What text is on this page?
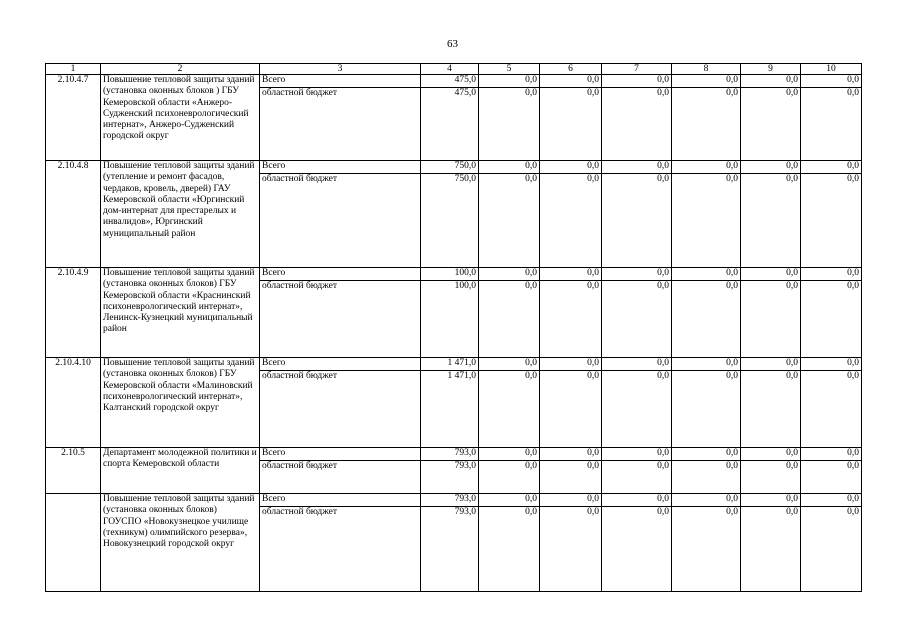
63
1	2	3	4	5	6	7	8	9	10
2.10.4.7	Повышение тепловой защиты зданий (установка оконных блоков ) ГБУ Кемеровской области «Анжеро-Судженский психоневрологический интернат», Анжеро-Судженский городской округ	Всего	475,0	0,0	0,0	0,0	0,0	0,0	0,0
		областной бюджет	475,0	0,0	0,0	0,0	0,0	0,0	0,0
2.10.4.8	Повышение тепловой защиты зданий (утепление и ремонт фасадов, чердаков, кровель, дверей) ГАУ Кемеровской области «Юргинский дом-интернат для престарелых и инвалидов», Юргинский муниципальный район	Всего	750,0	0,0	0,0	0,0	0,0	0,0	0,0
		областной бюджет	750,0	0,0	0,0	0,0	0,0	0,0	0,0
2.10.4.9	Повышение тепловой защиты зданий (установка оконных блоков) ГБУ Кемеровской области «Краснинский психоневрологический интернат», Ленинск-Кузнецкий муниципальный район	Всего	100,0	0,0	0,0	0,0	0,0	0,0	0,0
		областной бюджет	100,0	0,0	0,0	0,0	0,0	0,0	0,0
2.10.4.10	Повышение тепловой защиты зданий (установка оконных блоков) ГБУ Кемеровской области «Малиновский психоневрологический интернат», Калтанский городской округ	Всего	1 471,0	0,0	0,0	0,0	0,0	0,0	0,0
		областной бюджет	1 471,0	0,0	0,0	0,0	0,0	0,0	0,0
2.10.5	Департамент молодежной политики и спорта Кемеровской области	Всего	793,0	0,0	0,0	0,0	0,0	0,0	0,0
		областной бюджет	793,0	0,0	0,0	0,0	0,0	0,0	0,0
	Повышение тепловой защиты зданий (установка оконных блоков) ГОУСПО «Новокузнецкое училище (техникум) олимпийского резерва», Новокузнецкий городской округ	Всего	793,0	0,0	0,0	0,0	0,0	0,0	0,0
		областной бюджет	793,0	0,0	0,0	0,0	0,0	0,0	0,0
